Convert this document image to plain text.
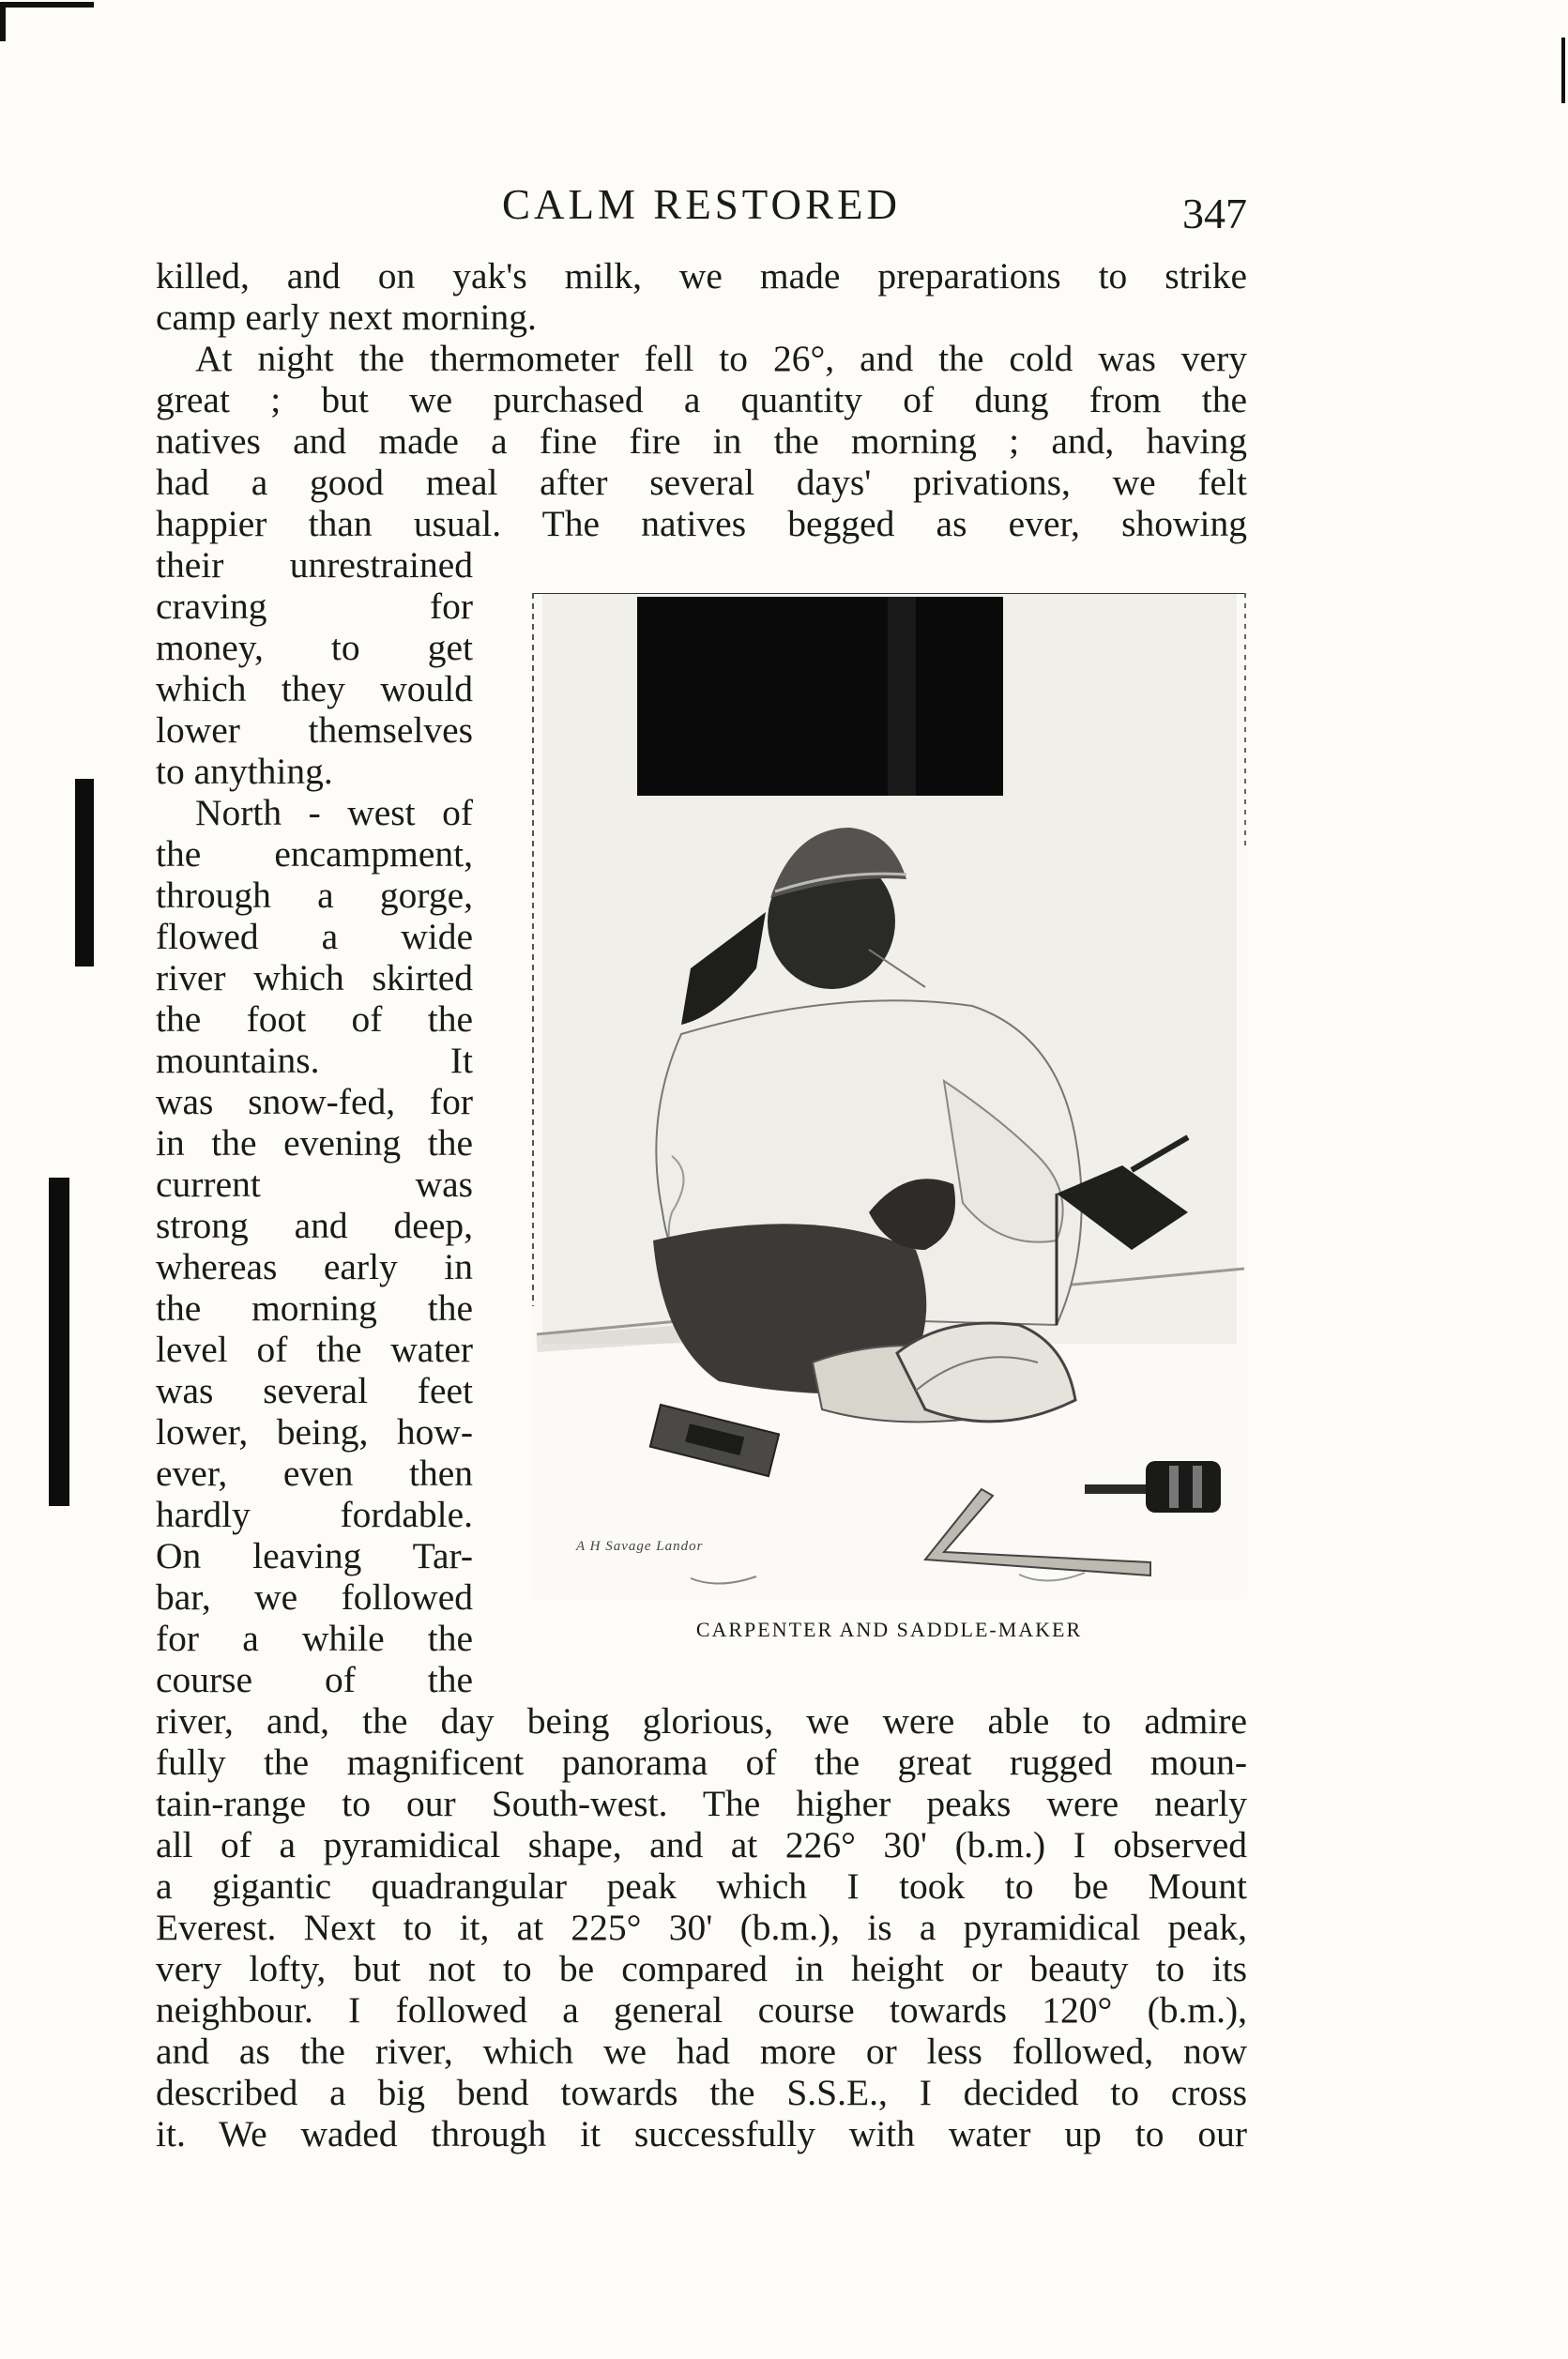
CALM RESTORED	347
killed, and on yak's milk, we made preparations to strike
camp early next morning.
At night the thermometer fell to 26°, and the cold was very
great ; but we purchased a quantity of dung from the
natives and made a fine fire in the morning ; and, having
had a good meal after several days' privations, we felt
happier than usual. The natives begged as ever, showing
their unrestrained
craving for
money, to get
which they would
lower themselves
to anything.
North - west of
the encampment,
through a gorge,
flowed a wide
river which skirted
the foot of the
mountains. It
was snow-fed, for
in the evening the
current was
strong and deep,
whereas early in
the morning the
level of the water
was several feet
lower, being, how-
ever, even then
hardly fordable.
On leaving Tar-
bar, we followed
for a while the
course of the
river, and, the day being glorious, we were able to admire
fully the magnificent panorama of the great rugged moun-
tain-range to our South-west. The higher peaks were nearly
all of a pyramidical shape, and at 226° 30' (b.m.) I observed
a gigantic quadrangular peak which I took to be Mount
Everest. Next to it, at 225° 30' (b.m.), is a pyramidical peak,
very lofty, but not to be compared in height or beauty to its
neighbour. I followed a general course towards 120° (b.m.),
and as the river, which we had more or less followed, now
described a big bend towards the S.S.E., I decided to cross
it. We waded through it successfully with water up to our
A H Savage Landor
CARPENTER AND SADDLE-MAKER
